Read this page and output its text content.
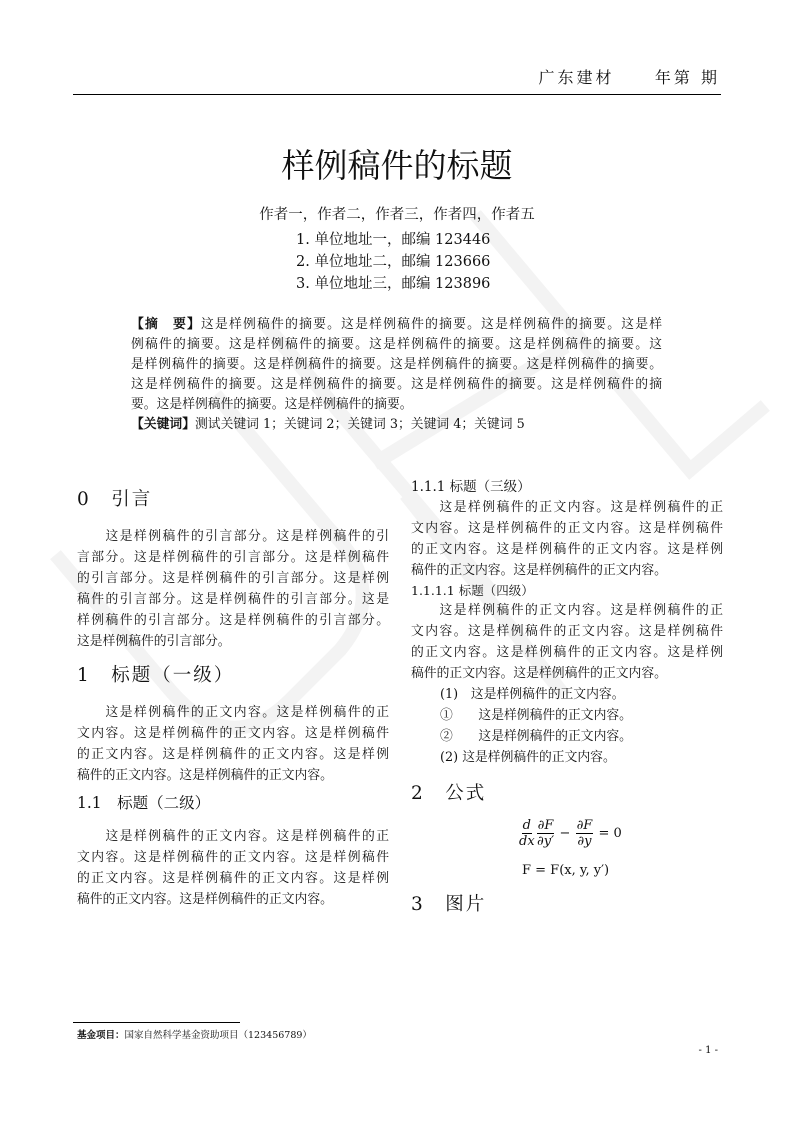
广东建材	年第 期
样例稿件的标题
作者一，作者二，作者三，作者四，作者五
1. 单位地址一，邮编 123446
2. 单位地址二，邮编 123666
3. 单位地址三，邮编 123896
【摘　要】这是样例稿件的摘要。这是样例稿件的摘要。这是样例稿件的摘要。这是样
例稿件的摘要。这是样例稿件的摘要。这是样例稿件的摘要。这是样例稿件的摘要。这
是样例稿件的摘要。这是样例稿件的摘要。这是样例稿件的摘要。这是样例稿件的摘要。
这是样例稿件的摘要。这是样例稿件的摘要。这是样例稿件的摘要。这是样例稿件的摘
要。这是样例稿件的摘要。这是样例稿件的摘要。
【关键词】测试关键词 1；关键词 2；关键词 3；关键词 4；关键词 5
0　引言
　　这是样例稿件的引言部分。这是样例稿件的引
言部分。这是样例稿件的引言部分。这是样例稿件
的引言部分。这是样例稿件的引言部分。这是样例
稿件的引言部分。这是样例稿件的引言部分。这是
样例稿件的引言部分。这是样例稿件的引言部分。
这是样例稿件的引言部分。
1　标题（一级）
　　这是样例稿件的正文内容。这是样例稿件的正
文内容。这是样例稿件的正文内容。这是样例稿件
的正文内容。这是样例稿件的正文内容。这是样例
稿件的正文内容。这是样例稿件的正文内容。
1.1　标题（二级）
　　这是样例稿件的正文内容。这是样例稿件的正
文内容。这是样例稿件的正文内容。这是样例稿件
的正文内容。这是样例稿件的正文内容。这是样例
稿件的正文内容。这是样例稿件的正文内容。
1.1.1 标题（三级）
　　这是样例稿件的正文内容。这是样例稿件的正
文内容。这是样例稿件的正文内容。这是样例稿件
的正文内容。这是样例稿件的正文内容。这是样例
稿件的正文内容。这是样例稿件的正文内容。
1.1.1.1 标题（四级）
　　这是样例稿件的正文内容。这是样例稿件的正
文内容。这是样例稿件的正文内容。这是样例稿件
的正文内容。这是样例稿件的正文内容。这是样例
稿件的正文内容。这是样例稿件的正文内容。
(1)　这是样例稿件的正文内容。
①　　这是样例稿件的正文内容。
②　　这是样例稿件的正文内容。
(2) 这是样例稿件的正文内容。
2　公式
$\frac{d}{dx} \frac{\partial F}{\partial y'} - \frac{\partial F}{\partial y} = 0$
F = F(x, y, y′)
3　图片
基金项目：国家自然科学基金资助项目（123456789）
- 1 -
